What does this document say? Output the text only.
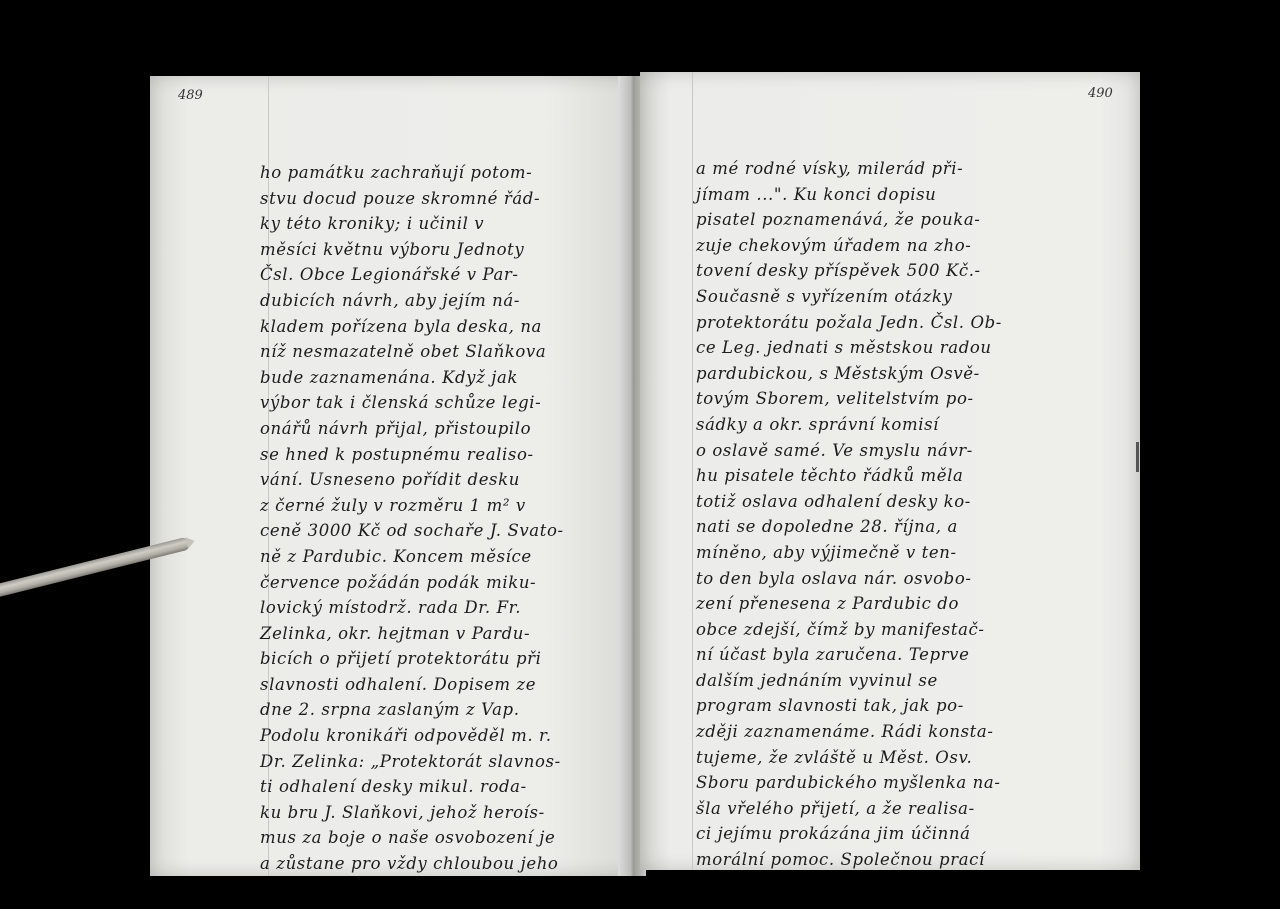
489
ho památku zachraňují potom-
stvu docud pouze skromné řád-
ky této kroniky; i učinil v
měsíci květnu výboru Jednoty
Čsl. Obce Legionářské v Par-
dubicích návrh, aby jejím ná-
kladem pořízena byla deska, na
níž nesmazatelně obet Slaňkova
bude zaznamenána. Když jak
výbor tak i členská schůze legi-
onářů návrh přijal, přistoupilo
se hned k postupnému realiso-
vání. Usneseno pořídit desku
z černé žuly v rozměru 1 m² v
ceně 3000 Kč od sochaře J. Svato-
ně z Pardubic. Koncem měsíce
července požádán podák miku-
lovický místodrž. rada Dr. Fr.
Zelinka, okr. hejtman v Pardu-
bicích o přijetí protektorátu při
slavnosti odhalení. Dopisem ze
dne 2. srpna zaslaným z Vap.
Podolu kronikáři odpověděl m. r.
Dr. Zelinka: „Protektorát slavnos-
ti odhalení desky mikul. roda-
ku bru J. Slaňkovi, jehož heroís-
mus za boje o naše osvobození je
a zůstane pro vždy chloubou jeho
490
a mé rodné vísky, milerád při-
jímam ...". Ku konci dopisu
pisatel poznamenává, že pouka-
zuje chekovým úřadem na zho-
tovení desky příspěvek 500 Kč.-
Současně s vyřízením otázky
protektorátu požala Jedn. Čsl. Ob-
ce Leg. jednati s městskou radou
pardubickou, s Městským Osvě-
tovým Sborem, velitelstvím po-
sádky a okr. správní komisí
o oslavě samé. Ve smyslu návr-
hu pisatele těchto řádků měla
totiž oslava odhalení desky ko-
nati se dopoledne 28. října, a
míněno, aby výjimečně v ten-
to den byla oslava nár. osvobo-
zení přenesena z Pardubic do
obce zdejší, čímž by manifestač-
ní účast byla zaručena. Teprve
dalším jednáním vyvinul se
program slavnosti tak, jak po-
zději zaznamenáme. Rádi konsta-
tujeme, že zvláště u Měst. Osv.
Sboru pardubického myšlenka na-
šla vřelého přijetí, a že realisa-
ci jejímu prokázána jim účinná
morální pomoc. Společnou prací
